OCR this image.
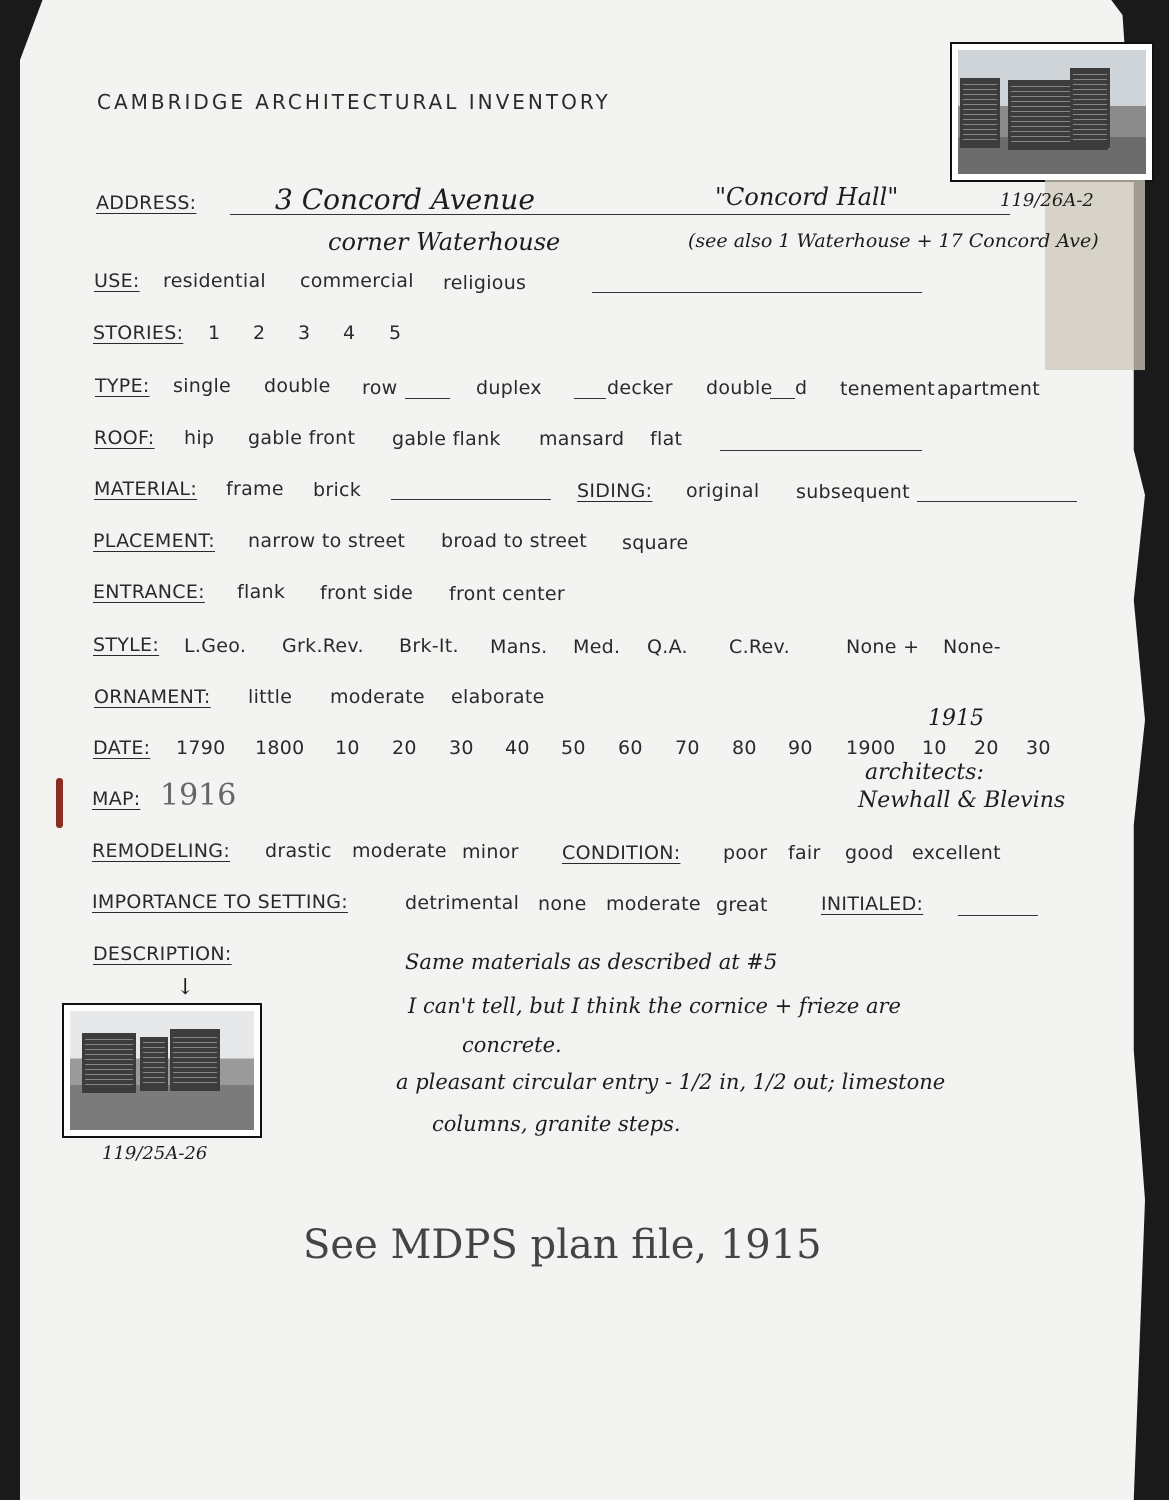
CAMBRIDGE ARCHITECTURAL INVENTORY
ADDRESS:	3 Concord Avenue	"Concord Hall"	119/26A-2
corner Waterhouse	(see also 1 Waterhouse + 17 Concord Ave)
USE: residential commercial religious
STORIES: 1 2 3 4 5
TYPE: single double row	duplex	decker double d tenement apartment
ROOF: hip gable front gable flank mansard flat
MATERIAL: frame brick	SIDING: original subsequent
PLACEMENT: narrow to street broad to street square
ENTRANCE: flank front side front center
STYLE: L.Geo. Grk.Rev. Brk-It. Mans. Med. Q.A. C.Rev.	None + None-
ORNAMENT: little moderate elaborate
1915
DATE: 1790 1800 10 20 30 40 50 60 70 80 90 1900 10 20 30
MAP: 1916
architects:
Newhall & Blevins
REMODELING: drastic moderate minor CONDITION: poor fair good excellent
IMPORTANCE TO SETTING:	detrimental none moderate great	INITIALED:
DESCRIPTION:
↓
119/25A-26
Same materials as described at #5
I can't tell, but I think the cornice + frieze are
concrete.
a pleasant circular entry - 1/2 in, 1/2 out; limestone
columns, granite steps.
See MDPS plan file, 1915
